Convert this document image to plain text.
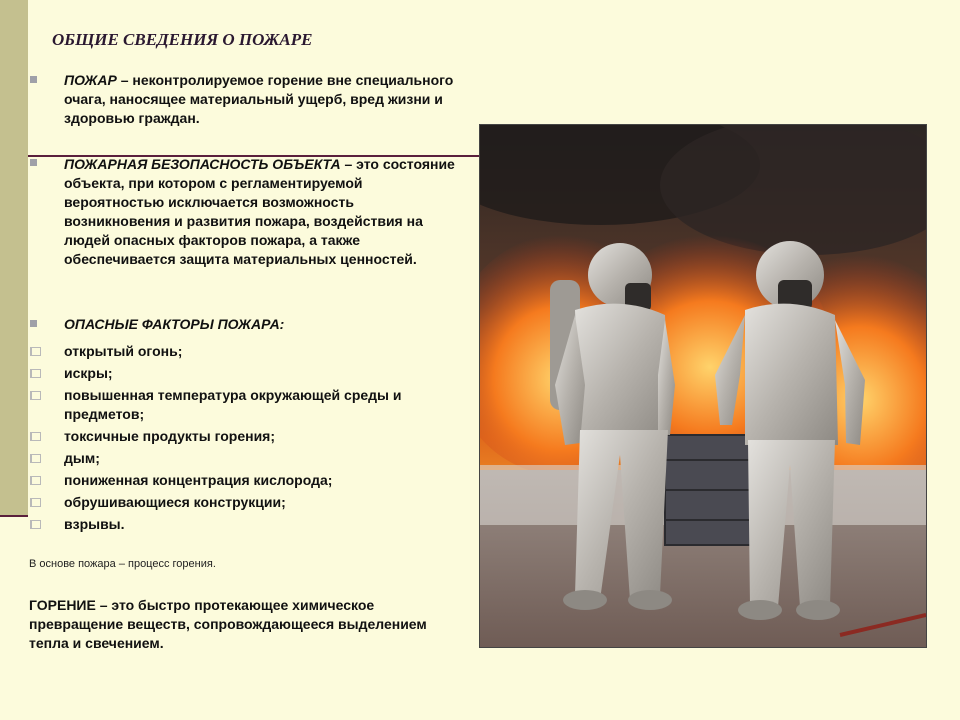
ОБЩИЕ СВЕДЕНИЯ О ПОЖАРЕ
ПОЖАР – неконтролируемое горение вне специального очага, наносящее материальный ущерб, вред жизни и здоровью граждан.
ПОЖАРНАЯ БЕЗОПАСНОСТЬ ОБЪЕКТА – это состояние объекта, при котором с регламентируемой вероятностью исключается возможность возникновения и развития пожара, воздействия на людей опасных факторов пожара, а также обеспечивается защита материальных ценностей.
ОПАСНЫЕ ФАКТОРЫ ПОЖАРА:
открытый огонь;
искры;
повышенная температура окружающей среды и предметов;
токсичные продукты горения;
дым;
пониженная концентрация кислорода;
обрушивающиеся конструкции;
взрывы.
В основе пожара – процесс горения.
ГОРЕНИЕ – это быстро протекающее химическое превращение веществ, сопровождающееся выделением тепла и свечением.
